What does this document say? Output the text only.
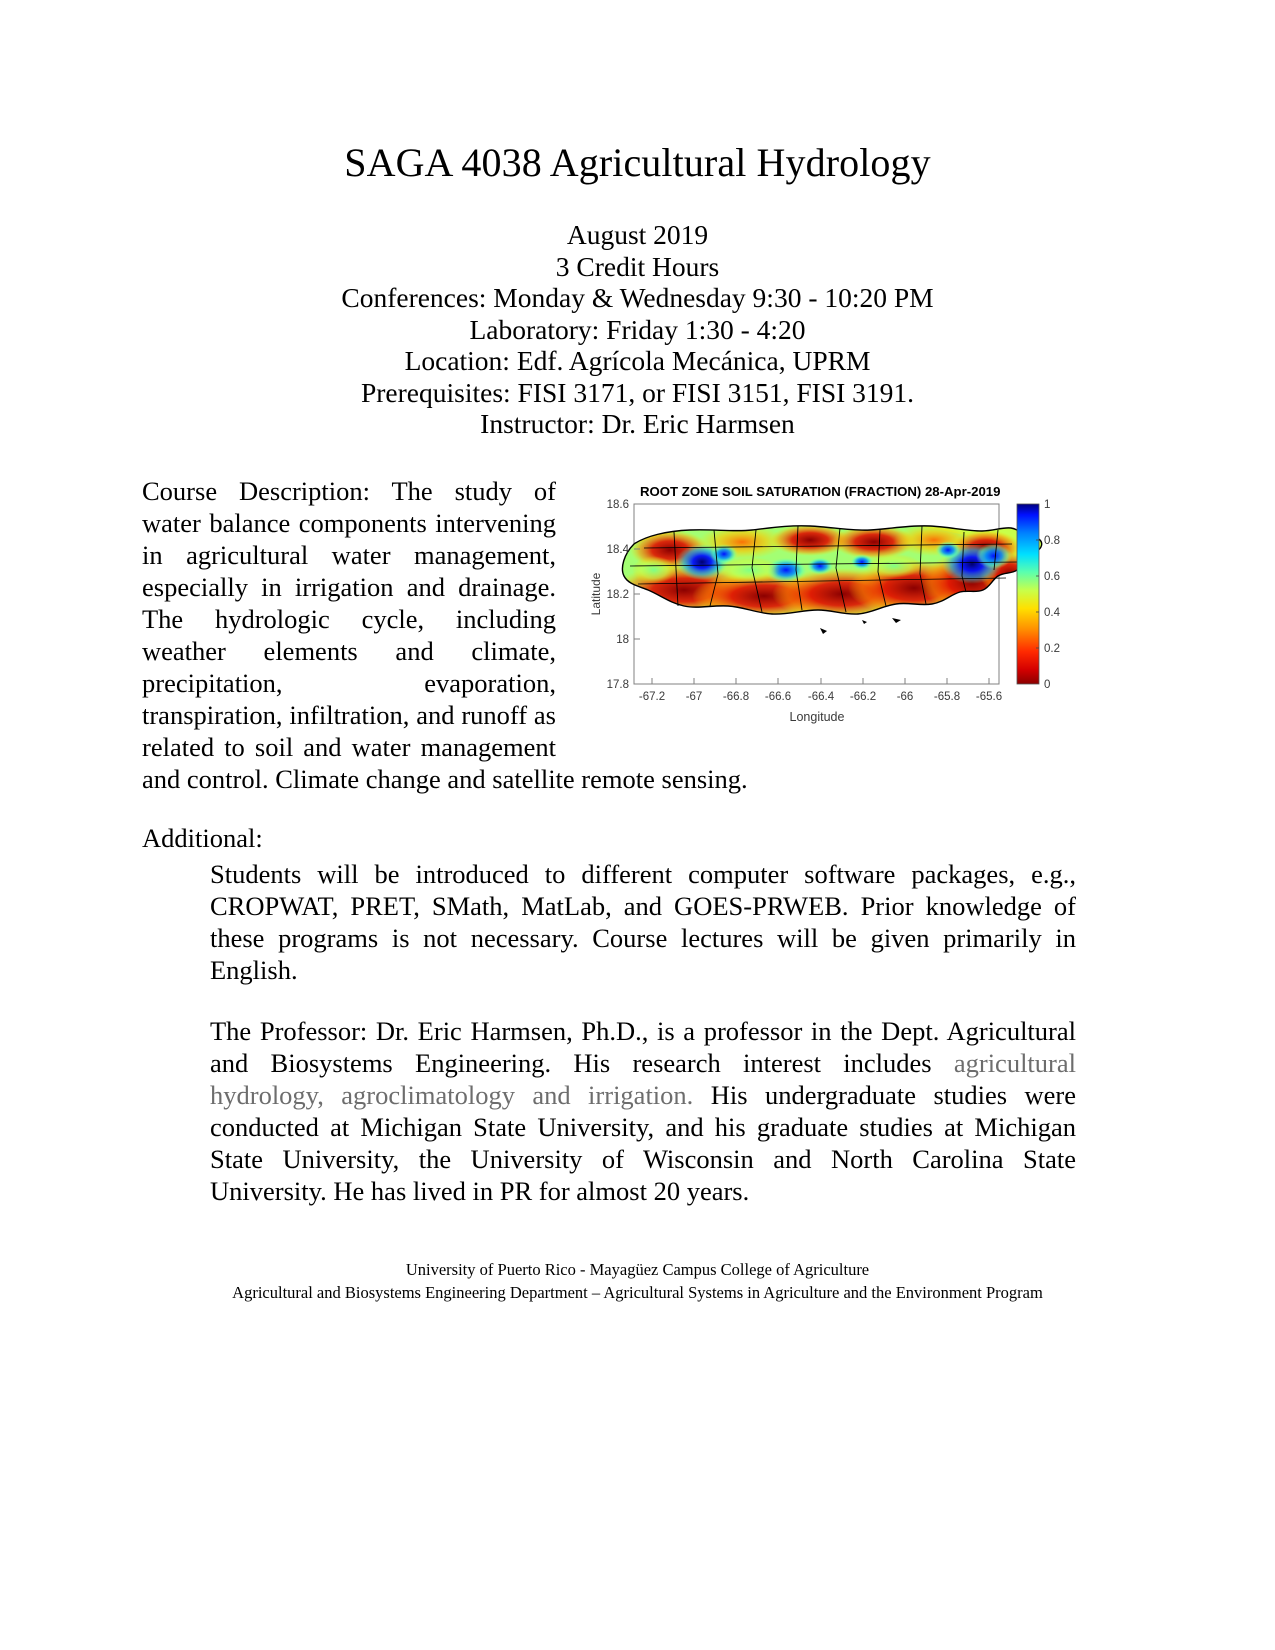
SAGA 4038 Agricultural Hydrology
August 2019
3 Credit Hours
Conferences: Monday & Wednesday 9:30 - 10:20 PM
Laboratory: Friday 1:30 - 4:20
Location: Edf. Agrícola Mecánica, UPRM
Prerequisites: FISI 3171, or FISI 3151, FISI 3191.
Instructor: Dr. Eric Harmsen
18.6
18.4
18.2
18
17.8
Latitude
-67.2 -67 -66.8 -66.6 -66.4 -66.2 -66 -65.8 -65.6
Longitude
ROOT ZONE SOIL SATURATION (FRACTION) 28-Apr-2019
1
0.8
0.6
0.4
0.2
0
Course Description: The study of water balance components intervening in agricultural water management, especially in irrigation and drainage. The hydrologic cycle, including weather elements and climate, precipitation, evaporation, transpiration, infiltration, and runoff as related to soil and water management and control. Climate change and satellite remote sensing.
Additional:
Students will be introduced to different computer software packages, e.g., CROPWAT, PRET, SMath, MatLab, and GOES-PRWEB. Prior knowledge of these programs is not necessary. Course lectures will be given primarily in English.
The Professor: Dr. Eric Harmsen, Ph.D., is a professor in the Dept. Agricultural and Biosystems Engineering. His research interest includes agricultural hydrology, agroclimatology and irrigation. His undergraduate studies were conducted at Michigan State University, and his graduate studies at Michigan State University, the University of Wisconsin and North Carolina State University. He has lived in PR for almost 20 years.
University of Puerto Rico - Mayagüez Campus College of Agriculture
Agricultural and Biosystems Engineering Department – Agricultural Systems in Agriculture and the Environment Program
